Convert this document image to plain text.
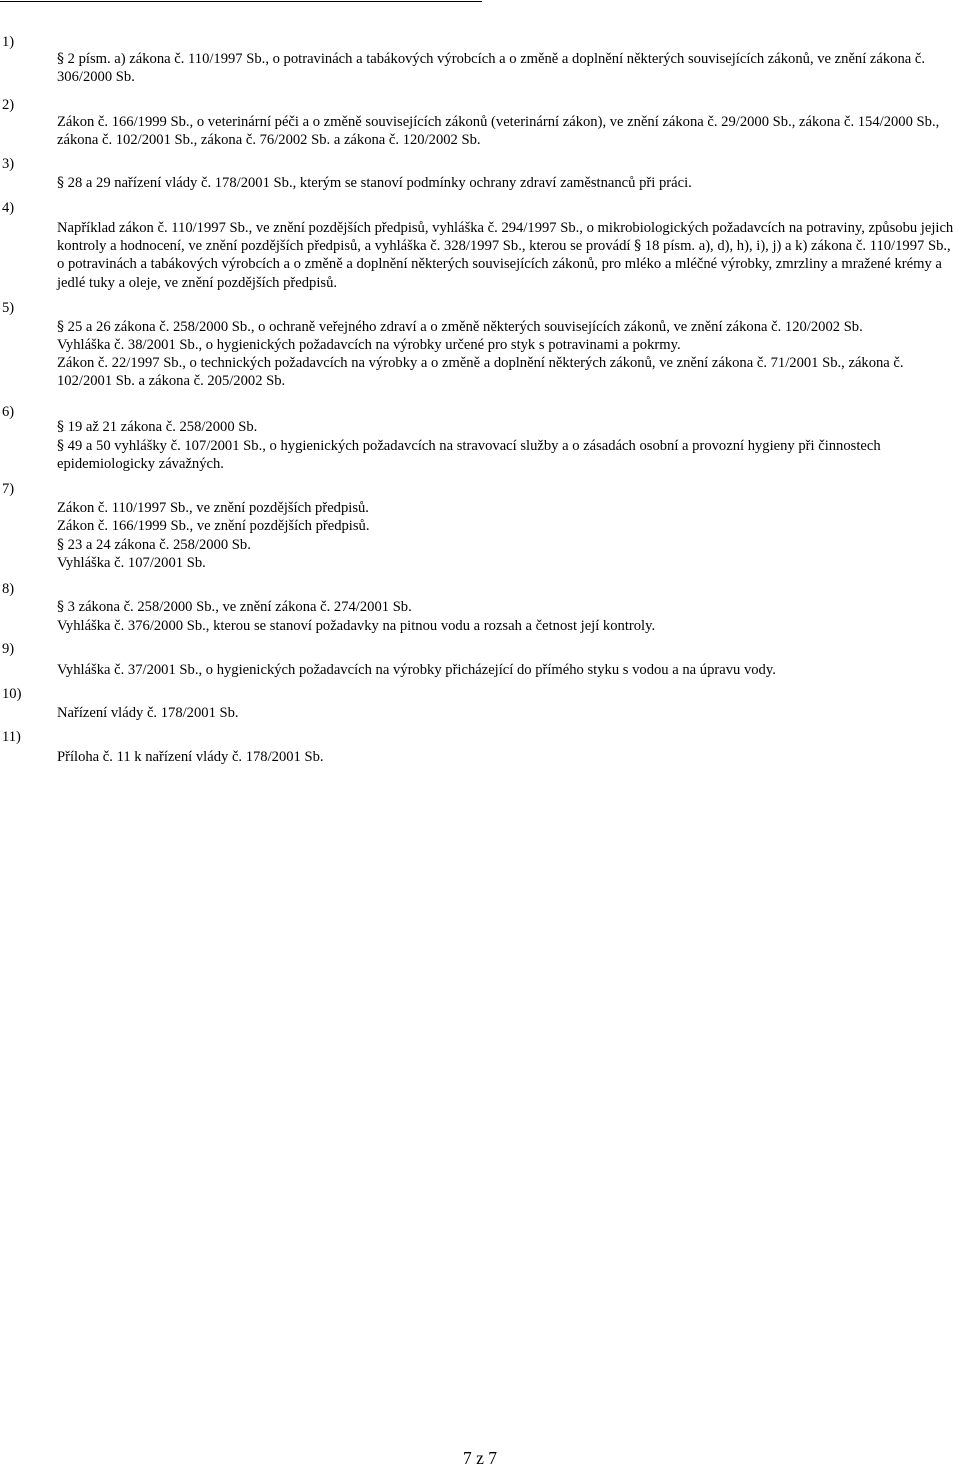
1)
2)
3)
4)
5)
6)
7)
8)
9)
10)
11)
§ 2 písm. a) zákona č. 110/1997 Sb., o potravinách a tabákových výrobcích a o změně a doplnění některých souvisejících zákonů, ve znění zákona č. 306/2000 Sb.
Zákon č. 166/1999 Sb., o veterinární péči a o změně souvisejících zákonů (veterinární zákon), ve znění zákona č. 29/2000 Sb., zákona č. 154/2000 Sb., zákona č. 102/2001 Sb., zákona č. 76/2002 Sb. a zákona č. 120/2002 Sb.
§ 28 a 29 nařízení vlády č. 178/2001 Sb., kterým se stanoví podmínky ochrany zdraví zaměstnanců při práci.
Například zákon č. 110/1997 Sb., ve znění pozdějších předpisů, vyhláška č. 294/1997 Sb., o mikrobiologických požadavcích na potraviny, způsobu jejich kontroly a hodnocení, ve znění pozdějších předpisů, a vyhláška č. 328/1997 Sb., kterou se provádí § 18 písm. a), d), h), i), j) a k) zákona č. 110/1997 Sb., o potravinách a tabákových výrobcích a o změně a doplnění některých souvisejících zákonů, pro mléko a mléčné výrobky, zmrzliny a mražené krémy a jedlé tuky a oleje, ve znění pozdějších předpisů.
§ 25 a 26 zákona č. 258/2000 Sb., o ochraně veřejného zdraví a o změně některých souvisejících zákonů, ve znění zákona č. 120/2002 Sb.
Vyhláška č. 38/2001 Sb., o hygienických požadavcích na výrobky určené pro styk s potravinami a pokrmy.
Zákon č. 22/1997 Sb., o technických požadavcích na výrobky a o změně a doplnění některých zákonů, ve znění zákona č. 71/2001 Sb., zákona č. 102/2001 Sb. a zákona č. 205/2002 Sb.
§ 19 až 21 zákona č. 258/2000 Sb.
§ 49 a 50 vyhlášky č. 107/2001 Sb., o hygienických požadavcích na stravovací služby a o zásadách osobní a provozní hygieny při činnostech epidemiologicky závažných.
Zákon č. 110/1997 Sb., ve znění pozdějších předpisů.
Zákon č. 166/1999 Sb., ve znění pozdějších předpisů.
§ 23 a 24 zákona č. 258/2000 Sb.
Vyhláška č. 107/2001 Sb.
§ 3 zákona č. 258/2000 Sb., ve znění zákona č. 274/2001 Sb.
Vyhláška č. 376/2000 Sb., kterou se stanoví požadavky na pitnou vodu a rozsah a četnost její kontroly.
Vyhláška č. 37/2001 Sb., o hygienických požadavcích na výrobky přicházející do přímého styku s vodou a na úpravu vody.
Nařízení vlády č. 178/2001 Sb.
Příloha č. 11 k nařízení vlády č. 178/2001 Sb.
7 z 7
